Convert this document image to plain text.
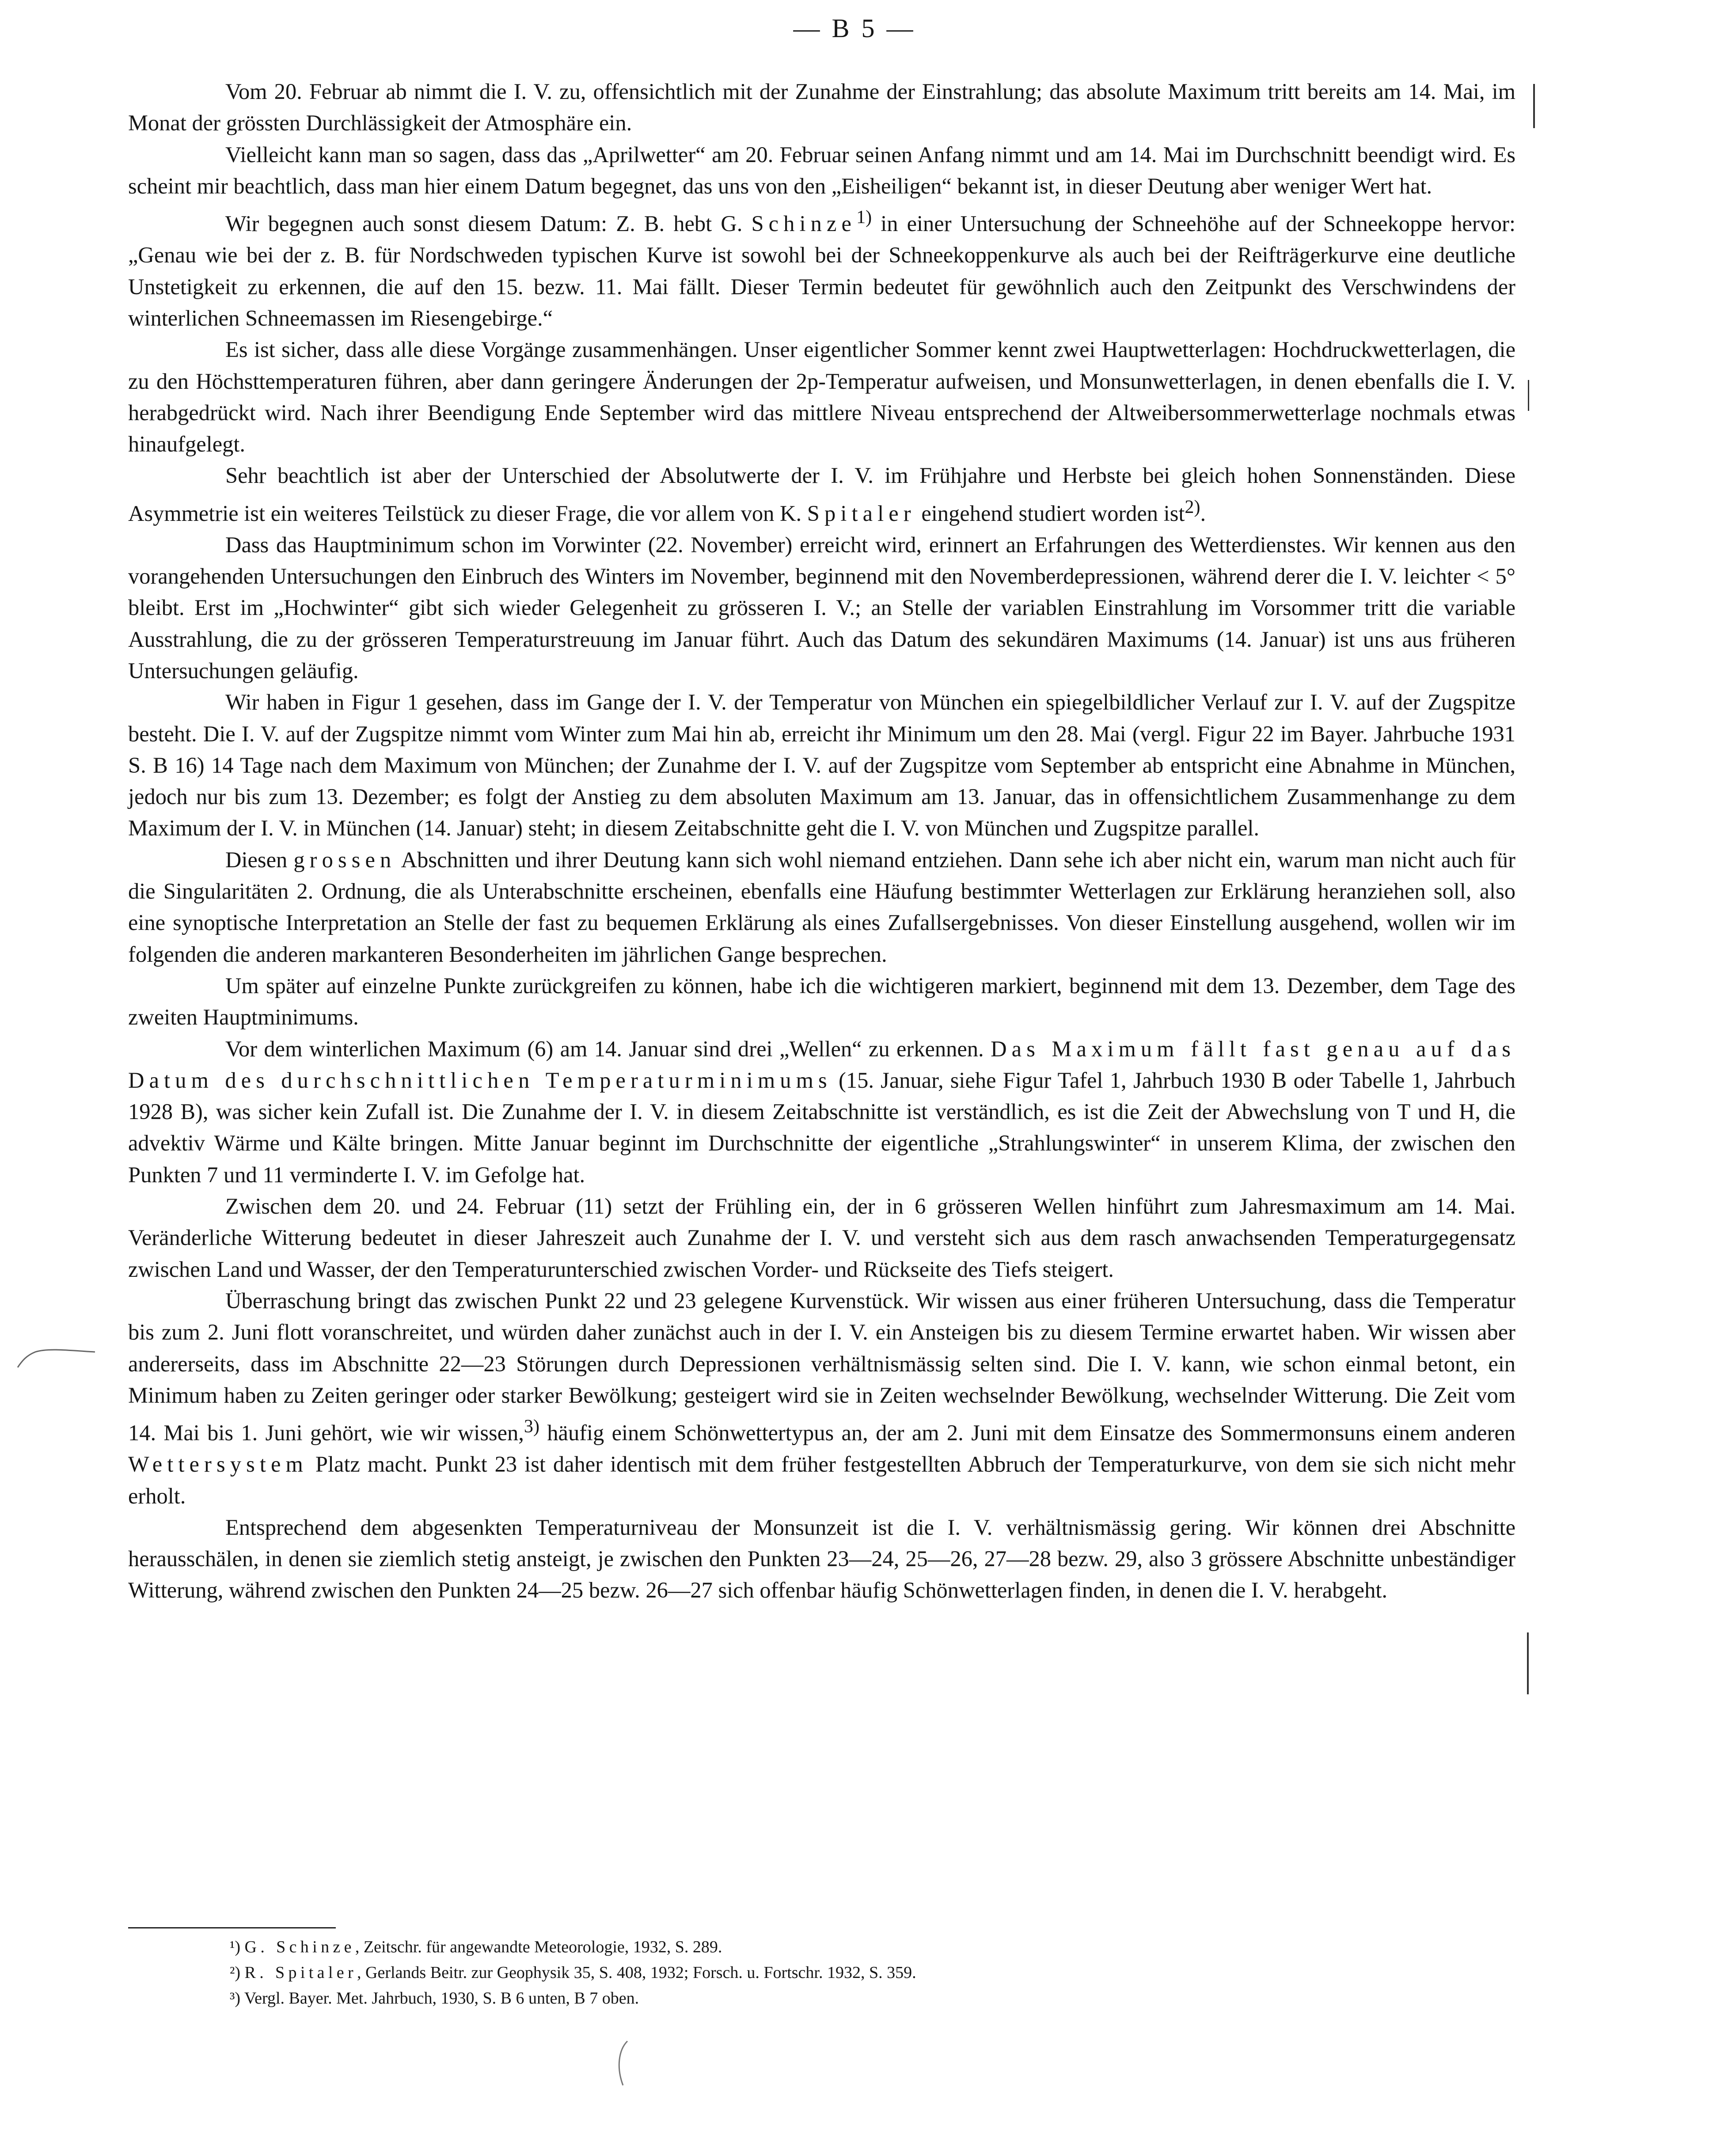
— B 5 —

Vom 20. Februar ab nimmt die I. V. zu, offensichtlich mit der Zunahme der Einstrahlung; das absolute Maximum tritt bereits am 14. Mai, im Monat der grössten Durchlässigkeit der Atmosphäre ein.

Vielleicht kann man so sagen, dass das „Aprilwetter“ am 20. Februar seinen Anfang nimmt und am 14. Mai im Durchschnitt beendigt wird. Es scheint mir beachtlich, dass man hier einem Datum begegnet, das uns von den „Eisheiligen“ bekannt ist, in dieser Deutung aber weniger Wert hat.

Wir begegnen auch sonst diesem Datum: Z. B. hebt G. Schinze$^{1)}$ in einer Untersuchung der Schneehöhe auf der Schneekoppe hervor: „Genau wie bei der z. B. für Nordschweden typischen Kurve ist sowohl bei der Schneekoppenkurve als auch bei der Reifträgerkurve eine deutliche Unstetigkeit zu erkennen, die auf den 15. bezw. 11. Mai fällt. Dieser Termin bedeutet für gewöhnlich auch den Zeitpunkt des Verschwindens der winterlichen Schneemassen im Riesengebirge.“

Es ist sicher, dass alle diese Vorgänge zusammenhängen. Unser eigentlicher Sommer kennt zwei Hauptwetterlagen: Hochdruckwetterlagen, die zu den Höchsttemperaturen führen, aber dann geringere Änderungen der 2p-Temperatur aufweisen, und Monsunwetterlagen, in denen ebenfalls die I. V. herabgedrückt wird. Nach ihrer Beendigung Ende September wird das mittlere Niveau entsprechend der Altweibersommerwetterlage nochmals etwas hinaufgelegt.

Sehr beachtlich ist aber der Unterschied der Absolutwerte der I. V. im Frühjahre und Herbste bei gleich hohen Sonnenständen. Diese Asymmetrie ist ein weiteres Teilstück zu dieser Frage, die vor allem von K. Spitaler eingehend studiert worden ist$^{2)}$.

Dass das Hauptminimum schon im Vorwinter (22. November) erreicht wird, erinnert an Erfahrungen des Wetterdienstes. Wir kennen aus den vorangehenden Untersuchungen den Einbruch des Winters im November, beginnend mit den Novemberdepressionen, während derer die I. V. leichter < 5° bleibt. Erst im „Hochwinter“ gibt sich wieder Gelegenheit zu grösseren I. V.; an Stelle der variablen Einstrahlung im Vorsommer tritt die variable Ausstrahlung, die zu der grösseren Temperaturstreuung im Januar führt. Auch das Datum des sekundären Maximums (14. Januar) ist uns aus früheren Untersuchungen geläufig.

Wir haben in Figur 1 gesehen, dass im Gange der I. V. der Temperatur von München ein spiegelbildlicher Verlauf zur I. V. auf der Zugspitze besteht. Die I. V. auf der Zugspitze nimmt vom Winter zum Mai hin ab, erreicht ihr Minimum um den 28. Mai (vergl. Figur 22 im Bayer. Jahrbuche 1931 S. B 16) 14 Tage nach dem Maximum von München; der Zunahme der I. V. auf der Zugspitze vom September ab entspricht eine Abnahme in München, jedoch nur bis zum 13. Dezember; es folgt der Anstieg zu dem absoluten Maximum am 13. Januar, das in offensichtlichem Zusammenhange zu dem Maximum der I. V. in München (14. Januar) steht; in diesem Zeitabschnitte geht die I. V. von München und Zugspitze parallel.

Diesen grossen Abschnitten und ihrer Deutung kann sich wohl niemand entziehen. Dann sehe ich aber nicht ein, warum man nicht auch für die Singularitäten 2. Ordnung, die als Unterabschnitte erscheinen, ebenfalls eine Häufung bestimmter Wetterlagen zur Erklärung heranziehen soll, also eine synoptische Interpretation an Stelle der fast zu bequemen Erklärung als eines Zufallsergebnisses. Von dieser Einstellung ausgehend, wollen wir im folgenden die anderen markanteren Besonderheiten im jährlichen Gange besprechen.

Um später auf einzelne Punkte zurückgreifen zu können, habe ich die wichtigeren markiert, beginnend mit dem 13. Dezember, dem Tage des zweiten Hauptminimums.

Vor dem winterlichen Maximum (6) am 14. Januar sind drei „Wellen“ zu erkennen. Das Maximum fällt fast genau auf das Datum des durchschnittlichen Temperaturminimums (15. Januar, siehe Figur Tafel 1, Jahrbuch 1930 B oder Tabelle 1, Jahrbuch 1928 B), was sicher kein Zufall ist. Die Zunahme der I. V. in diesem Zeitabschnitte ist verständlich, es ist die Zeit der Abwechslung von T und H, die advektiv Wärme und Kälte bringen. Mitte Januar beginnt im Durchschnitte der eigentliche „Strahlungswinter“ in unserem Klima, der zwischen den Punkten 7 und 11 verminderte I. V. im Gefolge hat.

Zwischen dem 20. und 24. Februar (11) setzt der Frühling ein, der in 6 grösseren Wellen hinführt zum Jahresmaximum am 14. Mai. Veränderliche Witterung bedeutet in dieser Jahreszeit auch Zunahme der I. V. und versteht sich aus dem rasch anwachsenden Temperaturgegensatz zwischen Land und Wasser, der den Temperaturunterschied zwischen Vorder- und Rückseite des Tiefs steigert.

Überraschung bringt das zwischen Punkt 22 und 23 gelegene Kurvenstück. Wir wissen aus einer früheren Untersuchung, dass die Temperatur bis zum 2. Juni flott voranschreitet, und würden daher zunächst auch in der I. V. ein Ansteigen bis zu diesem Termine erwartet haben. Wir wissen aber andererseits, dass im Abschnitte 22—23 Störungen durch Depressionen verhältnismässig selten sind. Die I. V. kann, wie schon einmal betont, ein Minimum haben zu Zeiten geringer oder starker Bewölkung; gesteigert wird sie in Zeiten wechselnder Bewölkung, wechselnder Witterung. Die Zeit vom 14. Mai bis 1. Juni gehört, wie wir wissen,$^{3)}$ häufig einem Schönwettertypus an, der am 2. Juni mit dem Einsatze des Sommermonsuns einem anderen Wettersystem Platz macht. Punkt 23 ist daher identisch mit dem früher festgestellten Abbruch der Temperaturkurve, von dem sie sich nicht mehr erholt.

Entsprechend dem abgesenkten Temperaturniveau der Monsunzeit ist die I. V. verhältnismässig gering. Wir können drei Abschnitte herausschälen, in denen sie ziemlich stetig ansteigt, je zwischen den Punkten 23—24, 25—26, 27—28 bezw. 29, also 3 grössere Abschnitte unbeständiger Witterung, während zwischen den Punkten 24—25 bezw. 26—27 sich offenbar häufig Schönwetterlagen finden, in denen die I. V. herabgeht.

¹) G. Schinze, Zeitschr. für angewandte Meteorologie, 1932, S. 289.
²) R. Spitaler, Gerlands Beitr. zur Geophysik 35, S. 408, 1932; Forsch. u. Fortschr. 1932, S. 359.
³) Vergl. Bayer. Met. Jahrbuch, 1930, S. B 6 unten, B 7 oben.
